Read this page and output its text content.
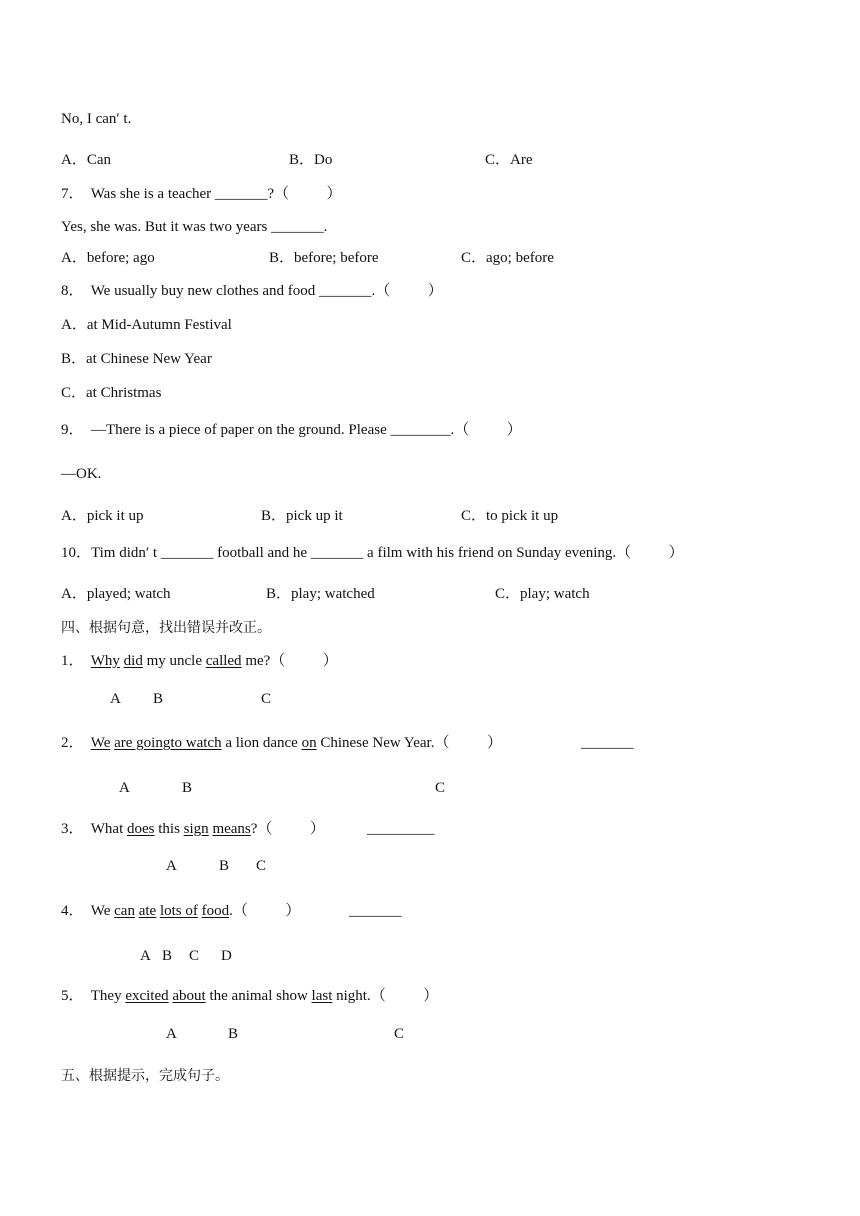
No, I can′ t.
A．Can	B．Do	C．Are
7．  Was she is a teacher _______?（          ）
Yes, she was. But it was two years _______.
A．before; ago	B．before; before	C．ago; before
8．  We usually buy new clothes and food _______.（          ）
A．at Mid-Autumn Festival
B．at Chinese New Year
C．at Christmas
9．  —There is a piece of paper on the ground. Please ________.（          ）
—OK.
A．pick it up	B．pick up it	C．to pick it up
10．Tim didn′ t _______ football and he _______ a film with his friend on Sunday evening.（          ）
A．played; watch	B．play; watched	C．play; watch
四、根据句意，找出错误并改正。
1． Why did my uncle called me?（          ）
A B	C
2． We are goingto watch a lion dance on Chinese New Year.（          ）	_______
A	B	C
3． What does this sign means?（          ）	_________
A	B C
4． We can ate lots of food.（          ）	_______
A B C D
5． They excited about the animal show last night.（          ）
A	B	C
五、根据提示，完成句子。
